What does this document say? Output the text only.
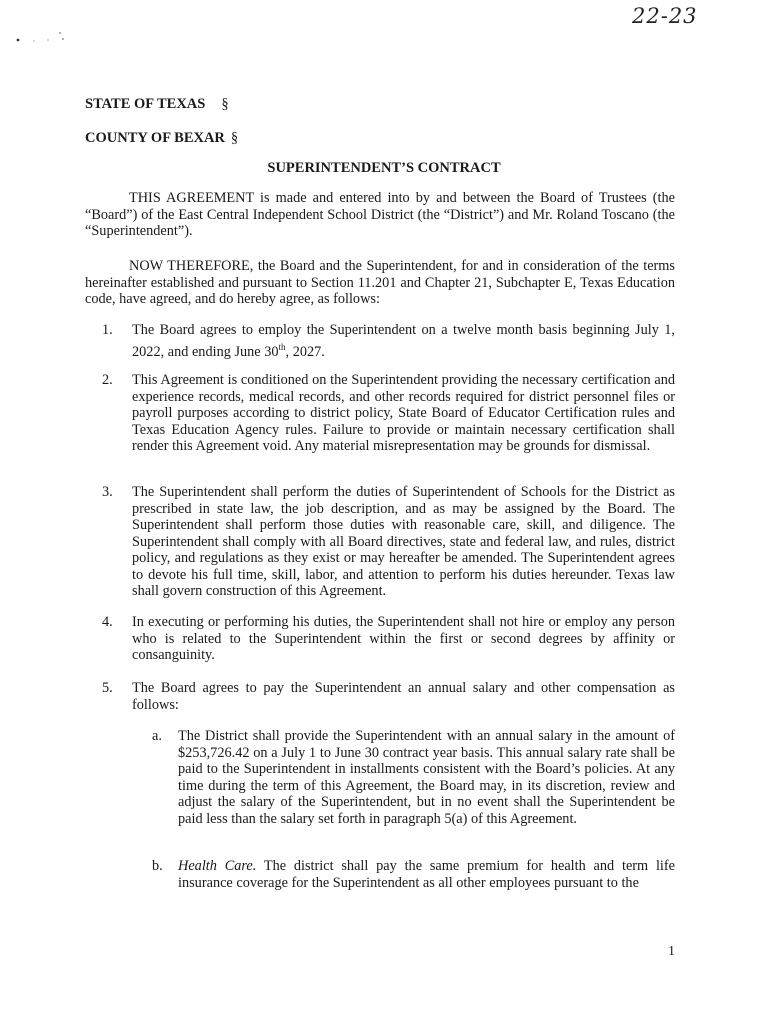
22-23
STATE OF TEXAS §
COUNTY OF BEXAR §
SUPERINTENDENT’S CONTRACT
THIS AGREEMENT is made and entered into by and between the Board of Trustees (the “Board”) of the East Central Independent School District (the “District”) and Mr. Roland Toscano (the “Superintendent”).
NOW THEREFORE, the Board and the Superintendent, for and in consideration of the terms hereinafter established and pursuant to Section 11.201 and Chapter 21, Subchapter E, Texas Education code, have agreed, and do hereby agree, as follows:
1.	The Board agrees to employ the Superintendent on a twelve month basis beginning July 1, 2022, and ending June 30th, 2027.
2.	This Agreement is conditioned on the Superintendent providing the necessary certification and experience records, medical records, and other records required for district personnel files or payroll purposes according to district policy, State Board of Educator Certification rules and Texas Education Agency rules. Failure to provide or maintain necessary certification shall render this Agreement void. Any material misrepresentation may be grounds for dismissal.
3.	The Superintendent shall perform the duties of Superintendent of Schools for the District as prescribed in state law, the job description, and as may be assigned by the Board. The Superintendent shall perform those duties with reasonable care, skill, and diligence. The Superintendent shall comply with all Board directives, state and federal law, and rules, district policy, and regulations as they exist or may hereafter be amended. The Superintendent agrees to devote his full time, skill, labor, and attention to perform his duties hereunder. Texas law shall govern construction of this Agreement.
4.	In executing or performing his duties, the Superintendent shall not hire or employ any person who is related to the Superintendent within the first or second degrees by affinity or consanguinity.
5.	The Board agrees to pay the Superintendent an annual salary and other compensation as follows:
a.	The District shall provide the Superintendent with an annual salary in the amount of $253,726.42 on a July 1 to June 30 contract year basis. This annual salary rate shall be paid to the Superintendent in installments consistent with the Board’s policies. At any time during the term of this Agreement, the Board may, in its discretion, review and adjust the salary of the Superintendent, but in no event shall the Superintendent be paid less than the salary set forth in paragraph 5(a) of this Agreement.
b.	Health Care. The district shall pay the same premium for health and term life insurance coverage for the Superintendent as all other employees pursuant to the
1
